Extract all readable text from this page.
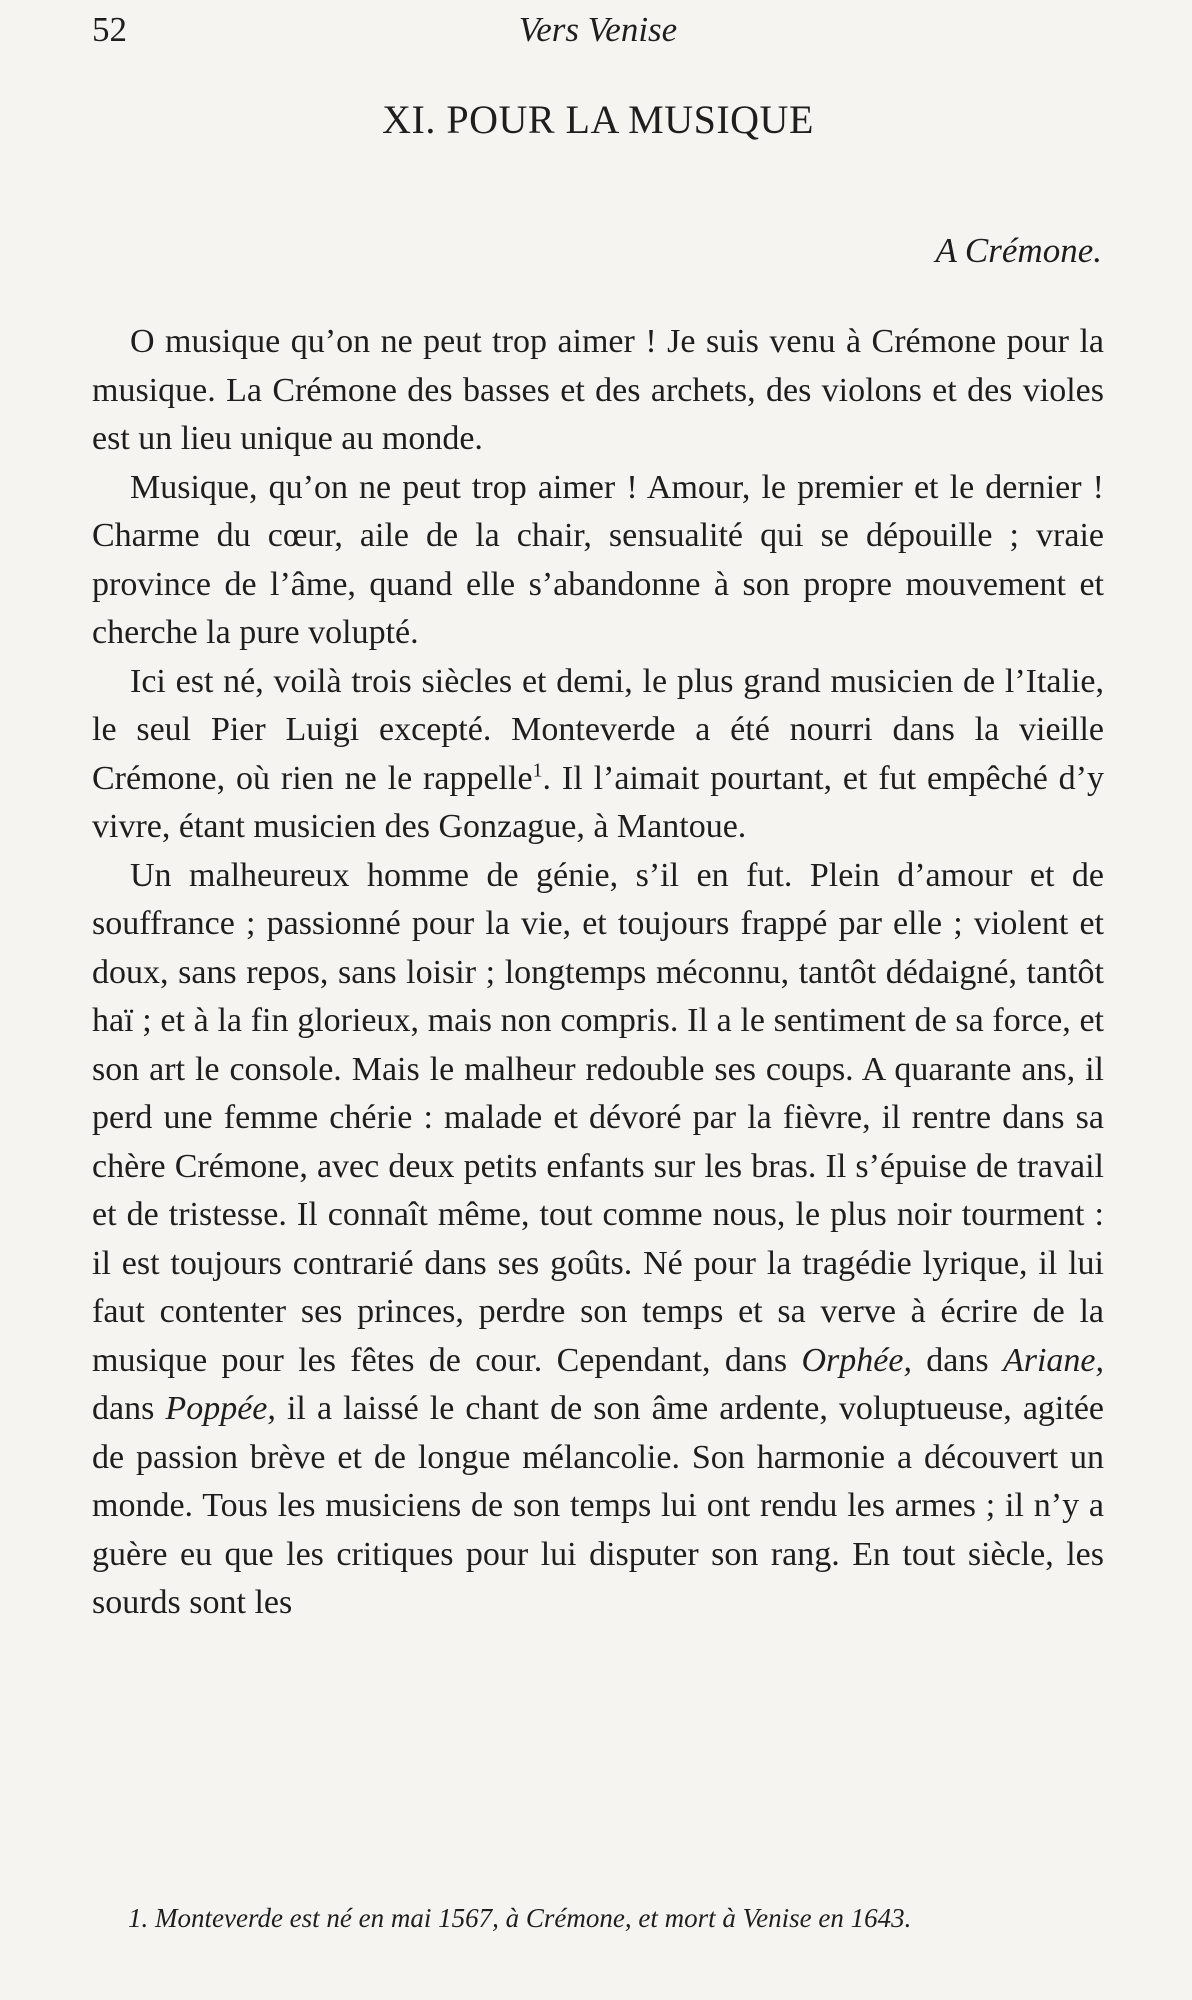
52	Vers Venise
XI. POUR LA MUSIQUE
A Crémone.

O musique qu’on ne peut trop aimer ! Je suis venu à Crémone pour la musique. La Crémone des basses et des archets, des violons et des violes est un lieu unique au monde.

Musique, qu’on ne peut trop aimer ! Amour, le premier et le dernier ! Charme du cœur, aile de la chair, sensualité qui se dépouille ; vraie province de l’âme, quand elle s’abandonne à son propre mouvement et cherche la pure volupté.

Ici est né, voilà trois siècles et demi, le plus grand musicien de l’Italie, le seul Pier Luigi excepté. Monteverde a été nourri dans la vieille Crémone, où rien ne le rappelle$^1$. Il l’aimait pourtant, et fut empêché d’y vivre, étant musicien des Gonzague, à Mantoue.

Un malheureux homme de génie, s’il en fut. Plein d’amour et de souffrance ; passionné pour la vie, et toujours frappé par elle ; violent et doux, sans repos, sans loisir ; longtemps méconnu, tantôt dédaigné, tantôt haï ; et à la fin glorieux, mais non compris. Il a le sentiment de sa force, et son art le console. Mais le malheur redouble ses coups. A quarante ans, il perd une femme chérie : malade et dévoré par la fièvre, il rentre dans sa chère Crémone, avec deux petits enfants sur les bras. Il s’épuise de travail et de tristesse. Il connaît même, tout comme nous, le plus noir tourment : il est toujours contrarié dans ses goûts. Né pour la tragédie lyrique, il lui faut contenter ses princes, perdre son temps et sa verve à écrire de la musique pour les fêtes de cour. Cependant, dans Orphée, dans Ariane, dans Poppée, il a laissé le chant de son âme ardente, voluptueuse, agitée de passion brève et de longue mélancolie. Son harmonie a découvert un monde. Tous les musiciens de son temps lui ont rendu les armes ; il n’y a guère eu que les critiques pour lui disputer son rang. En tout siècle, les sourds sont les

1. Monteverde est né en mai 1567, à Crémone, et mort à Venise en 1643.
